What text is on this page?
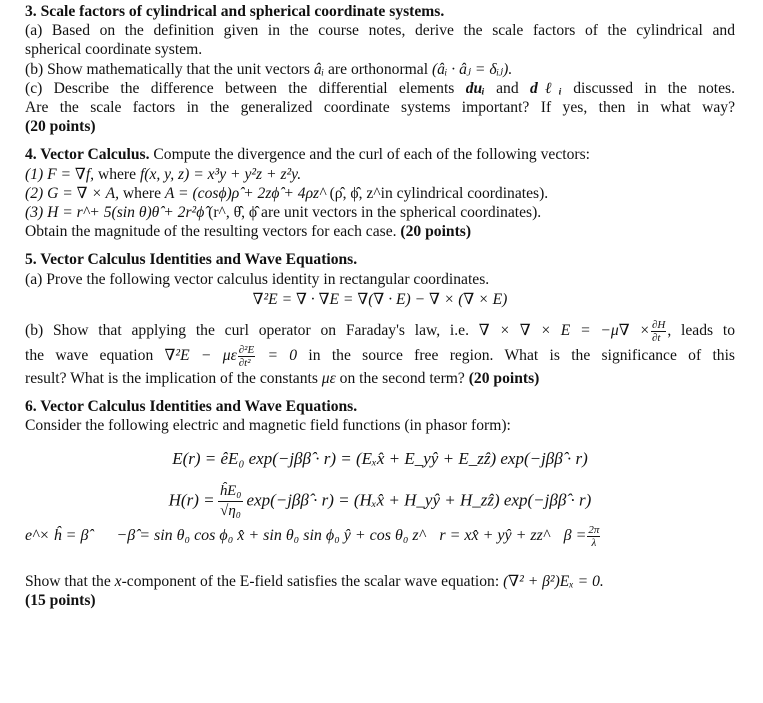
3. Scale factors of cylindrical and spherical coordinate systems.
(a) Based on the definition given in the course notes, derive the scale factors of the cylindrical and
spherical coordinate system.
(b) Show mathematically that the unit vectors âᵢ are orthonormal (âᵢ · âⱼ = δᵢⱼ).
(c) Describe the difference between the differential elements duᵢ and dℓᵢ discussed in the notes.
Are the scale factors in the generalized coordinate systems important? If yes, then in what way?
(20 points)
4. Vector Calculus. Compute the divergence and the curl of each of the following vectors:
(1) F = ∇f, where f(x, y, z) = x³y + y²z + z²y.
(2) G = ∇ × A, where A = (cosϕ)ρ̂ + 2zϕ̂ + 4ρz^ (ρ̂, ϕ̂, z^in cylindrical coordinates).
(3) H = r^+ 5(sin θ)θ̂ + 2r²ϕ̂ (r^, θ̂, ϕ̂ are unit vectors in the spherical coordinates).
Obtain the magnitude of the resulting vectors for each case. (20 points)
5. Vector Calculus Identities and Wave Equations.
(a) Prove the following vector calculus identity in rectangular coordinates.
∇²E = ∇ · ∇E = ∇(∇ · E) − ∇ × (∇ × E)
(b) Show that applying the curl operator on Faraday's law, i.e. ∇ × ∇ × $E = -\mu\nabla \times \frac{\partial H}{\partial t}$ , leads to
the wave equation ∇²E − με $\frac{\text{∂²E}}{\text{∂t²}} = 0$ in the source free region. What is the significance of this
result? What is the implication of the constants με on the second term? (20 points)
6. Vector Calculus Identities and Wave Equations.
Consider the following electric and magnetic field functions (in phasor form):
E(r) = êE₀ exp(−jββ̂ · r) = (Eₓx̂ + E_yŷ + E_zẑ) exp(−jββ̂ · r)
$H(r) = \frac{\text{ĥE₀}}{\text{√η₀}}$ exp(−jββ̂ · r) = (Hₓx̂ + H_yŷ + H_zẑ) exp(−jββ̂ · r)
e^× ĥ = β̂ −β̂ = sin θ₀ cos ϕ₀ x̂ + sin θ₀ sin ϕ₀ ŷ + cos θ₀ z^ r = xx̂ + yŷ + zz^ $\beta = \frac{2\pi}{\lambda}$
Show that the x-component of the E-field satisfies the scalar wave equation: (∇² + β²)Eₓ = 0.
(15 points)
